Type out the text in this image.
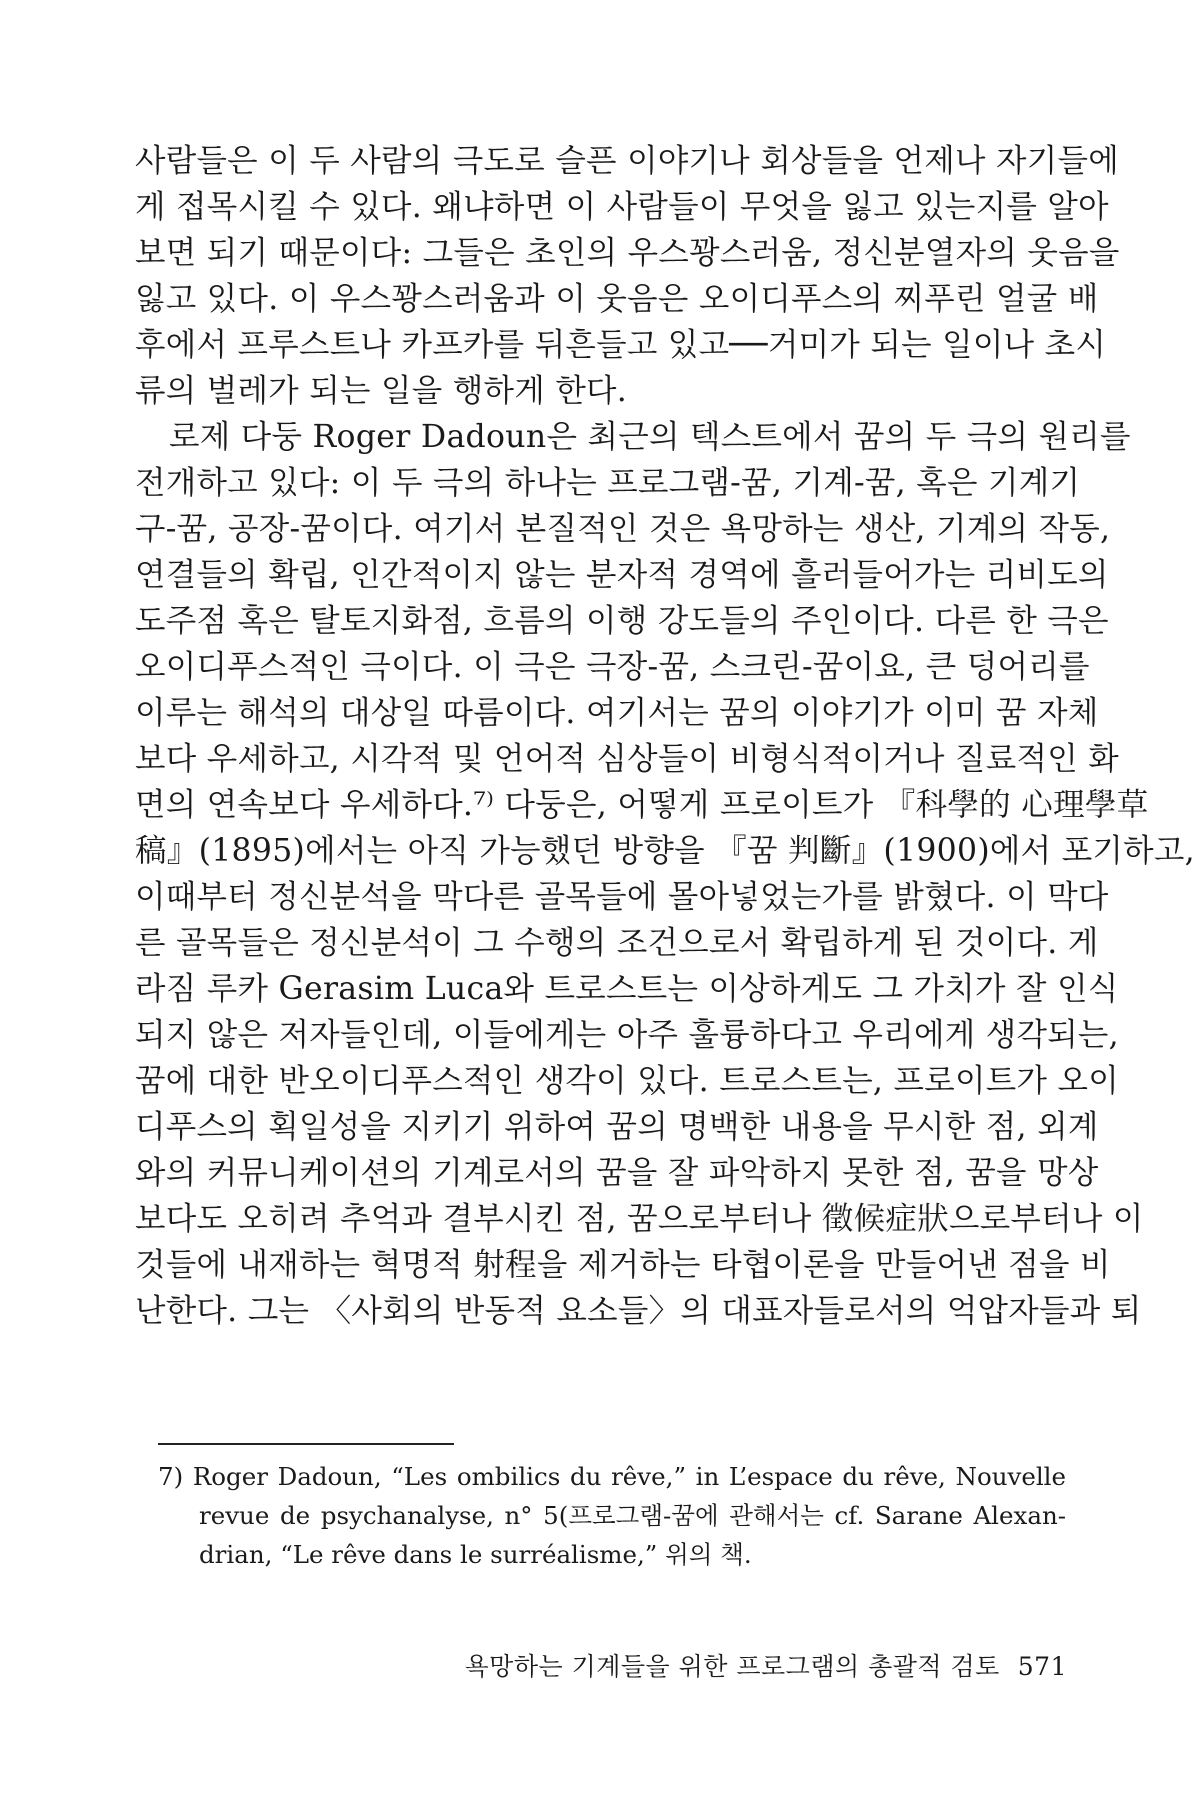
사람들은 이 두 사람의 극도로 슬픈 이야기나 회상들을 언제나 자기들에
게 접목시킬 수 있다. 왜냐하면 이 사람들이 무엇을 잃고 있는지를 알아
보면 되기 때문이다: 그들은 초인의 우스꽝스러움, 정신분열자의 웃음을
잃고 있다. 이 우스꽝스러움과 이 웃음은 오이디푸스의 찌푸린 얼굴 배
후에서 프루스트나 카프카를 뒤흔들고 있고──거미가 되는 일이나 초시
류의 벌레가 되는 일을 행하게 한다.
로제 다둥 Roger Dadoun은 최근의 텍스트에서 꿈의 두 극의 원리를
전개하고 있다: 이 두 극의 하나는 프로그램-꿈, 기계-꿈, 혹은 기계기
구-꿈, 공장-꿈이다. 여기서 본질적인 것은 욕망하는 생산, 기계의 작동,
연결들의 확립, 인간적이지 않는 분자적 경역에 흘러들어가는 리비도의
도주점 혹은 탈토지화점, 흐름의 이행 강도들의 주인이다. 다른 한 극은
오이디푸스적인 극이다. 이 극은 극장-꿈, 스크린-꿈이요, 큰 덩어리를
이루는 해석의 대상일 따름이다. 여기서는 꿈의 이야기가 이미 꿈 자체
보다 우세하고, 시각적 및 언어적 심상들이 비형식적이거나 질료적인 화
면의 연속보다 우세하다.⁷⁾ 다둥은, 어떻게 프로이트가 『科學的 心理學草
稿』(1895)에서는 아직 가능했던 방향을 『꿈 判斷』(1900)에서 포기하고,
이때부터 정신분석을 막다른 골목들에 몰아넣었는가를 밝혔다. 이 막다
른 골목들은 정신분석이 그 수행의 조건으로서 확립하게 된 것이다. 게
라짐 루카 Gerasim Luca와 트로스트는 이상하게도 그 가치가 잘 인식
되지 않은 저자들인데, 이들에게는 아주 훌륭하다고 우리에게 생각되는,
꿈에 대한 반오이디푸스적인 생각이 있다. 트로스트는, 프로이트가 오이
디푸스의 획일성을 지키기 위하여 꿈의 명백한 내용을 무시한 점, 외계
와의 커뮤니케이션의 기계로서의 꿈을 잘 파악하지 못한 점, 꿈을 망상
보다도 오히려 추억과 결부시킨 점, 꿈으로부터나 徵候症狀으로부터나 이
것들에 내재하는 혁명적 射程을 제거하는 타협이론을 만들어낸 점을 비
난한다. 그는 〈사회의 반동적 요소들〉의 대표자들로서의 억압자들과 퇴
7) Roger Dadoun, “Les ombilics du rêve,” in L’espace du rêve, Nouvelle
revue de psychanalyse, n° 5(프로그램-꿈에 관해서는 cf. Sarane Alexan-
drian, “Le rêve dans le surréalisme,” 위의 책.
욕망하는 기계들을 위한 프로그램의 총괄적 검토 571
